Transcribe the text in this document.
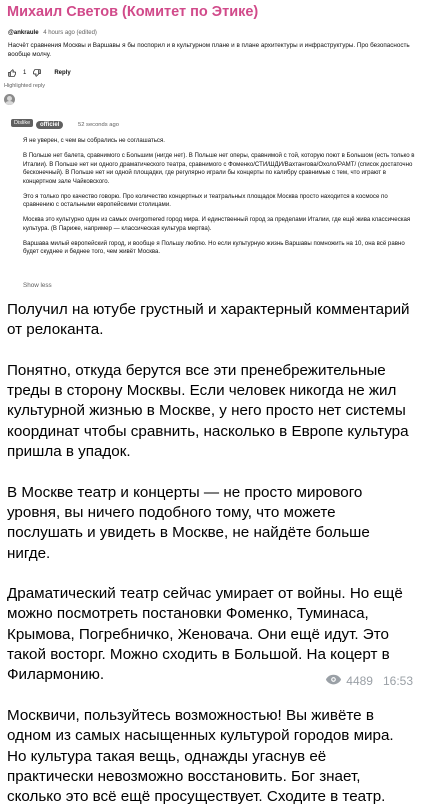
Михаил Светов (Комитет по Этике)
@ankraule 4 hours ago (edited)
Насчёт сравнения Москвы и Варшавы я бы поспорил и в культурном плане и в плане архитектуры и инфраструктуры. Про безопасность вообще молчу.
1	Reply
Highlighted reply
Dislike	officiel	52 seconds ago

Я не уверен, с чем вы собрались не соглашаться.

В Польше нет балета, сравнимого с Большим (нигде нет). В Польше нет оперы, сравнимой с той, которую поют в Большом (есть только в Италии). В Польше нет ни одного драматического театра, сравнимого с Фоменко/СТИ/ШДИ/Вахтангова/Охоло/РАМТ/ (список достаточно бесконечный). В Польше нет ни одной площадки, где регулярно играли бы концерты по калибру сравнимые с тем, что играют в концертном зале Чайковского.

Это я только про качество говорю. Про количество концертных и театральных площадок Москва просто находится в космосе по сравнению с остальными европейскими столицами.

Москва это культурно один из самых overgomered город мира. И единственный город за пределами Италии, где ещё жива классическая культура. (В Париже, например — классическая культура мертва).

Варшава милый европейский город, и вообще я Польшу люблю. Но если культурную жизнь Варшавы помножить на 10, она всё равно будет скуднее и беднее того, чем живёт Москва.

Show less

Получил на ютубе грустный и характерный комментарий от релоканта.

Понятно, откуда берутся все эти пренебрежительные треды в сторону Москвы. Если человек никогда не жил культурной жизнью в Москве, у него просто нет системы координат чтобы сравнить, насколько в Европе культура пришла в упадок.

В Москве театр и концерты — не просто мирового уровня, вы ничего подобного тому, что можете послушать и увидеть в Москве, не найдёте больше нигде.

Драматический театр сейчас умирает от войны. Но ещё можно посмотреть постановки Фоменко, Туминаса, Крымова, Погребничко, Женовача. Они ещё идут. Это такой восторг. Можно сходить в Большой. На коцерт в Филармонию.

Москвичи, пользуйтесь возможностью! Вы живёте в одном из самых насыщенных культурой городов мира. Но культура такая вещь, однажды угаснув её практически невозможно восстановить. Бог знает, сколько это всё ещё просуществует. Сходите в театр.

4489 16:53
